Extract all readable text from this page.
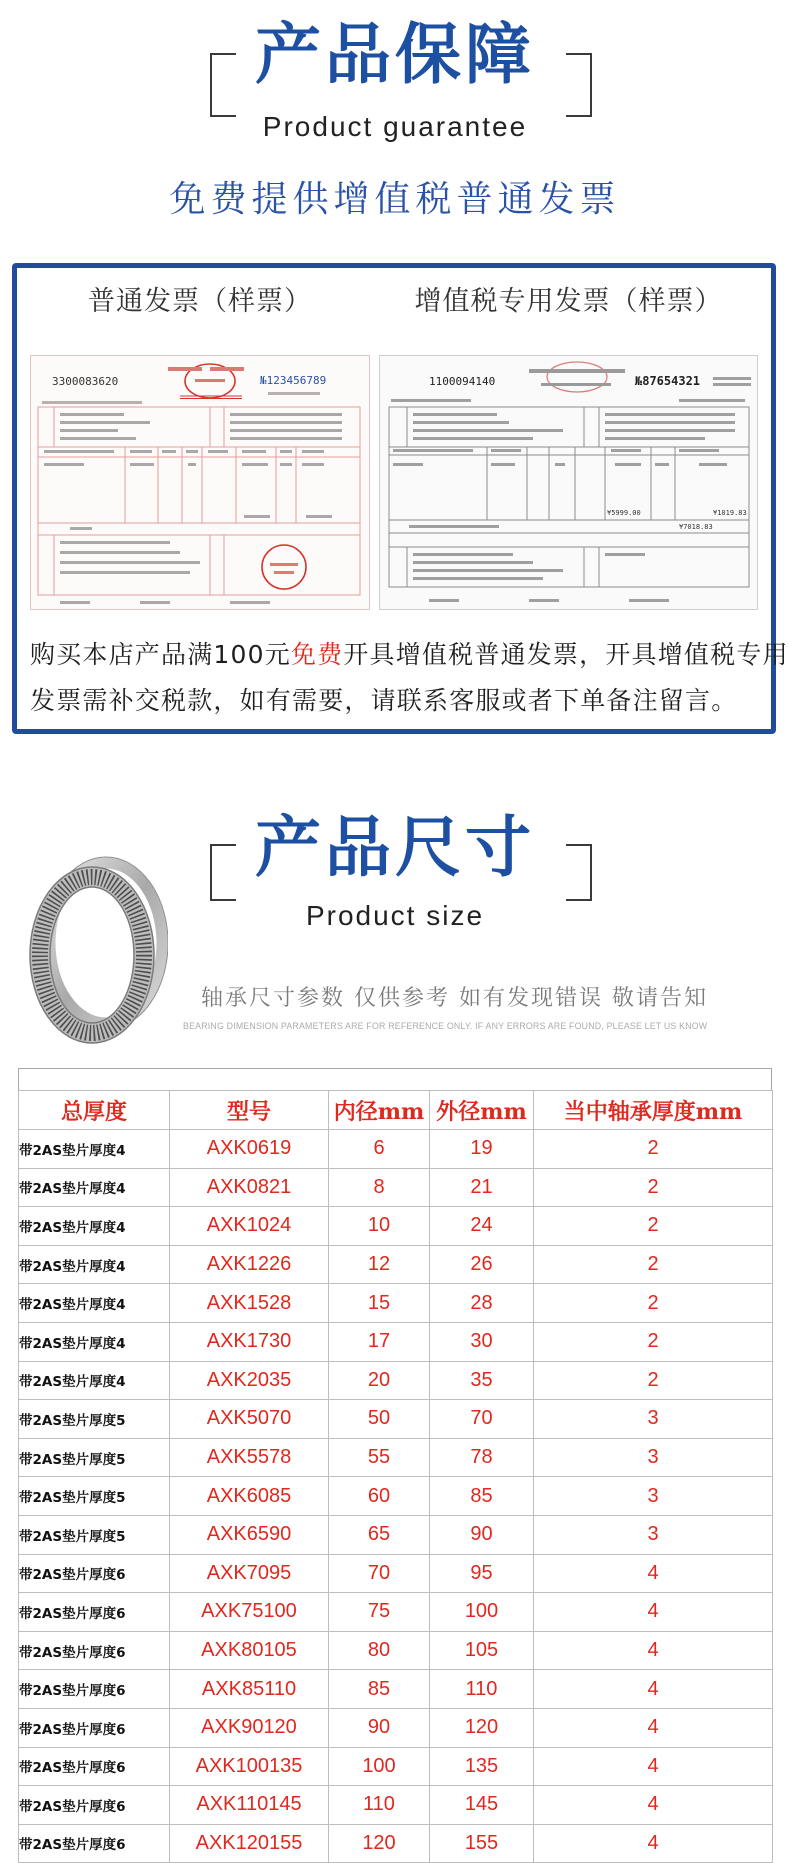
产品保障
Product guarantee
免费提供增值税普通发票
普通发票（样票）	增值税专用发票（样票）
3300083620	№123456789	1100094140	№87654321
¥5999.00	¥1019.83
¥7018.83
购买本店产品满100元免费开具增值税普通发票，开具增值税专用
发票需补交税款，如有需要，请联系客服或者下单备注留言。
产品尺寸
Product size
轴承尺寸参数 仅供参考 如有发现错误 敬请告知
BEARING DIMENSION PARAMETERS ARE FOR REFERENCE ONLY. IF ANY ERRORS ARE FOUND, PLEASE LET US KNOW
总厚度	型号	内径mm	外径mm	当中轴承厚度mm
带2AS垫片厚度4	AXK0619	6	19	2
带2AS垫片厚度4	AXK0821	8	21	2
带2AS垫片厚度4	AXK1024	10	24	2
带2AS垫片厚度4	AXK1226	12	26	2
带2AS垫片厚度4	AXK1528	15	28	2
带2AS垫片厚度4	AXK1730	17	30	2
带2AS垫片厚度4	AXK2035	20	35	2
带2AS垫片厚度5	AXK5070	50	70	3
带2AS垫片厚度5	AXK5578	55	78	3
带2AS垫片厚度5	AXK6085	60	85	3
带2AS垫片厚度5	AXK6590	65	90	3
带2AS垫片厚度6	AXK7095	70	95	4
带2AS垫片厚度6	AXK75100	75	100	4
带2AS垫片厚度6	AXK80105	80	105	4
带2AS垫片厚度6	AXK85110	85	110	4
带2AS垫片厚度6	AXK90120	90	120	4
带2AS垫片厚度6	AXK100135	100	135	4
带2AS垫片厚度6	AXK110145	110	145	4
带2AS垫片厚度6	AXK120155	120	155	4
